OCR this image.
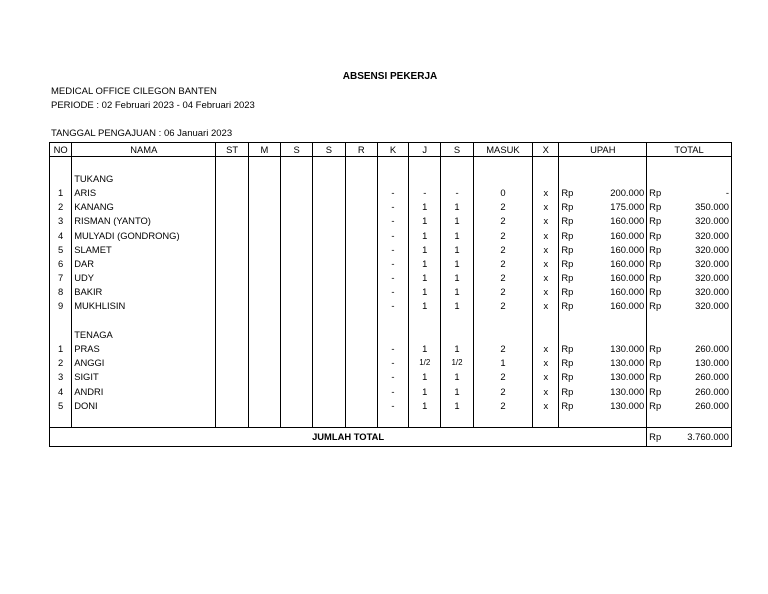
ABSENSI PEKERJA
MEDICAL OFFICE CILEGON BANTEN
PERIODE : 02 Februari 2023 - 04 Februari 2023
TANGGAL PENGAJUAN : 06 Januari 2023
NO	NAMA	ST	M	S	S	R	K	J	S	MASUK	X	UPAH		TOTAL	

	TUKANG														
1	ARIS						-	-	-	0	x	Rp	200.000	Rp	-
2	KANANG						-	1	1	2	x	Rp	175.000	Rp	350.000
3	RISMAN (YANTO)						-	1	1	2	x	Rp	160.000	Rp	320.000
4	MULYADI (GONDRONG)						-	1	1	2	x	Rp	160.000	Rp	320.000
5	SLAMET						-	1	1	2	x	Rp	160.000	Rp	320.000
6	DAR						-	1	1	2	x	Rp	160.000	Rp	320.000
7	UDY						-	1	1	2	x	Rp	160.000	Rp	320.000
8	BAKIR						-	1	1	2	x	Rp	160.000	Rp	320.000
9	MUKHLISIN						-	1	1	2	x	Rp	160.000	Rp	320.000

	TENAGA														
1	PRAS						-	1	1	2	x	Rp	130.000	Rp	260.000
2	ANGGI						-	1/2	1/2	1	x	Rp	130.000	Rp	130.000
3	SIGIT						-	1	1	2	x	Rp	130.000	Rp	260.000
4	ANDRI						-	1	1	2	x	Rp	130.000	Rp	260.000
5	DONI						-	1	1	2	x	Rp	130.000	Rp	260.000

JUMLAH TOTAL														Rp	3.760.000
